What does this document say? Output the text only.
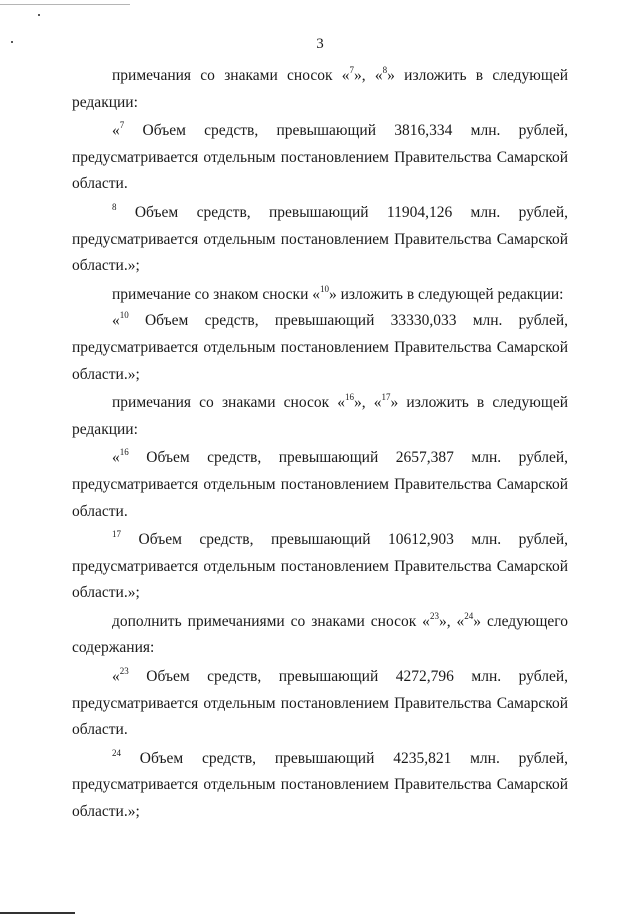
3

примечания со знаками сносок «$^7$», «$^8$» изложить в следующей редакции:

«$^7$ Объем средств, превышающий 3816,334 млн. рублей, предусматривается отдельным постановлением Правительства Самарской области.

$^8$ Объем средств, превышающий 11904,126 млн. рублей, предусматривается отдельным постановлением Правительства Самарской области.»;

примечание со знаком сноски «$^{10}$» изложить в следующей редакции:

«$^{10}$ Объем средств, превышающий 33330,033 млн. рублей, предусматривается отдельным постановлением Правительства Самарской области.»;

примечания со знаками сносок «$^{16}$», «$^{17}$» изложить в следующей редакции:

«$^{16}$ Объем средств, превышающий 2657,387 млн. рублей, предусматривается отдельным постановлением Правительства Самарской области.

$^{17}$ Объем средств, превышающий 10612,903 млн. рублей, предусматривается отдельным постановлением Правительства Самарской области.»;

дополнить примечаниями со знаками сносок «$^{23}$», «$^{24}$» следующего содержания:

«$^{23}$ Объем средств, превышающий 4272,796 млн. рублей, предусматривается отдельным постановлением Правительства Самарской области.

$^{24}$ Объем средств, превышающий 4235,821 млн. рублей, предусматривается отдельным постановлением Правительства Самарской области.»;
